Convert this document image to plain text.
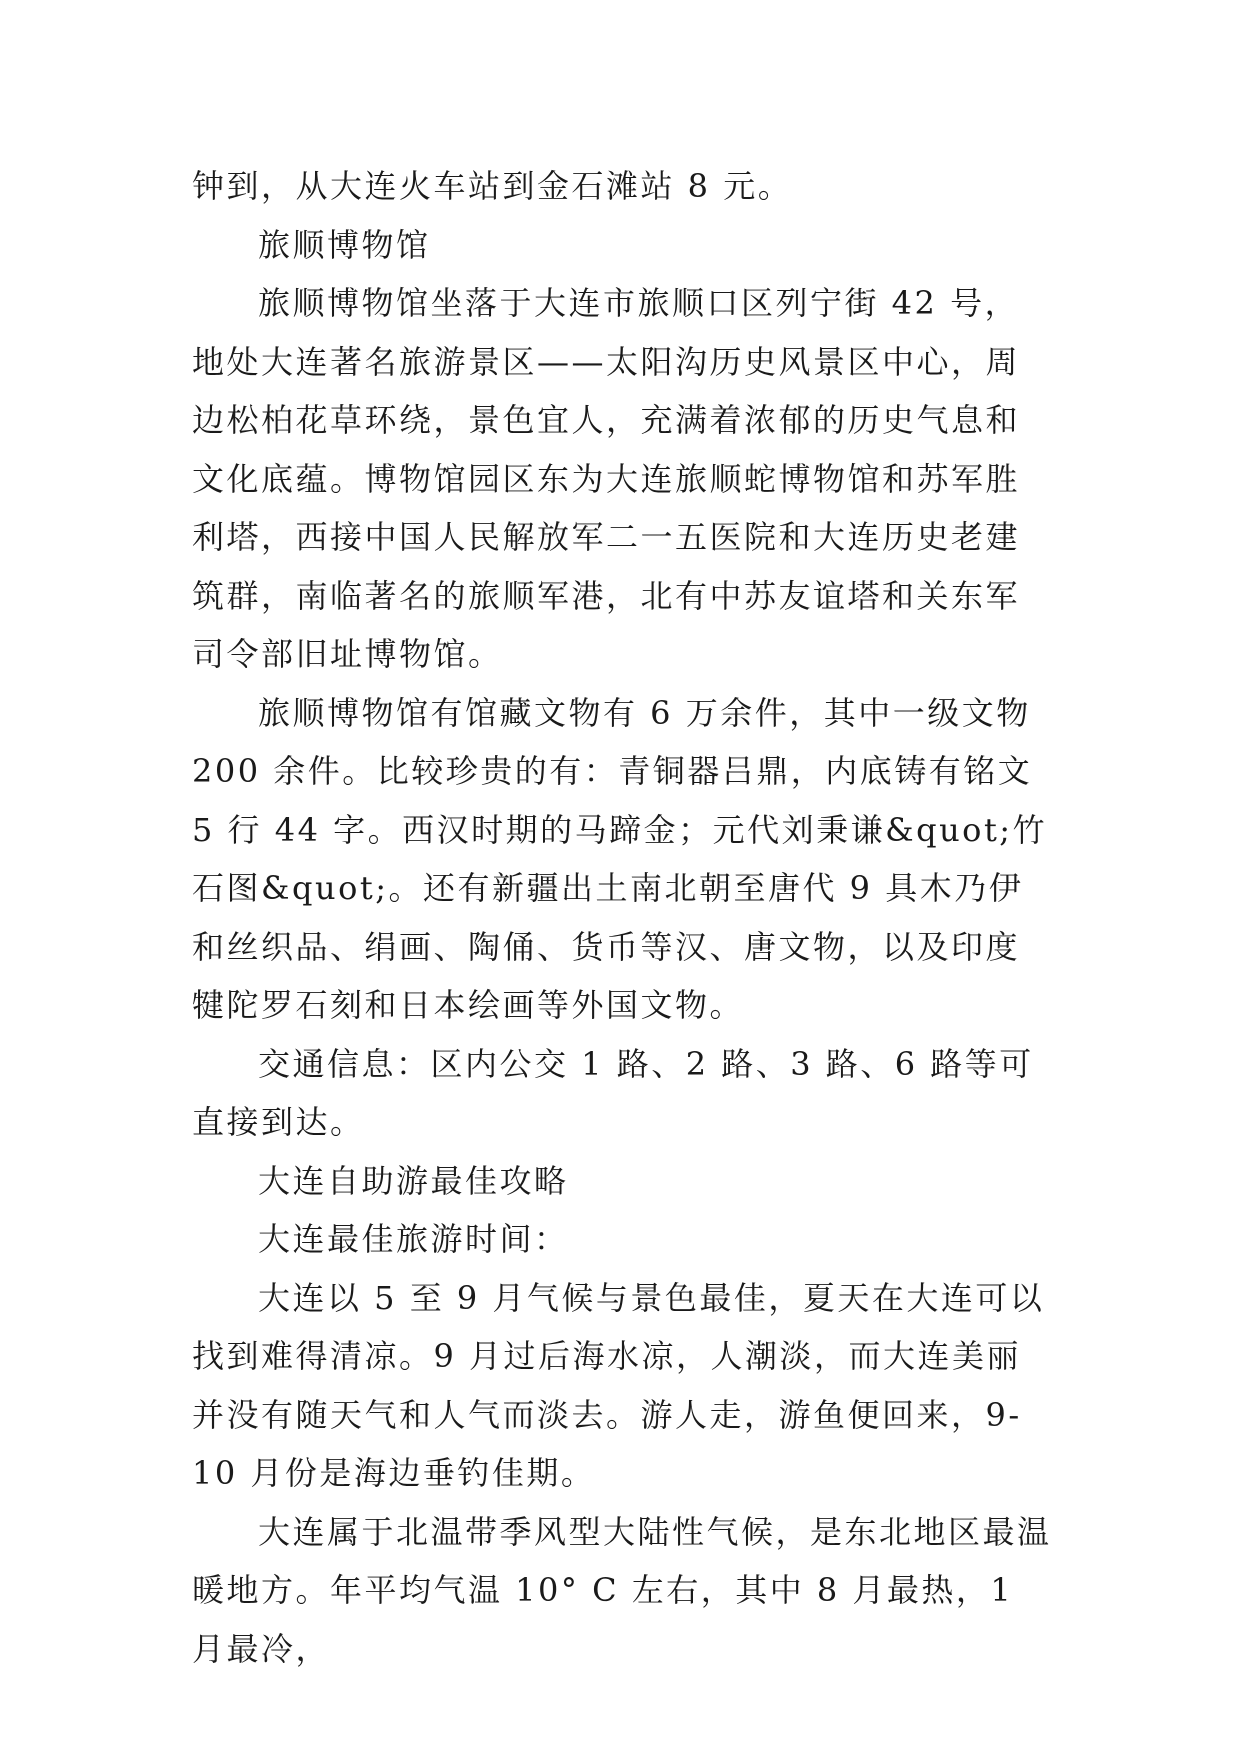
钟到，从大连火车站到金石滩站 8 元。

旅顺博物馆

旅顺博物馆坐落于大连市旅顺口区列宁街 42 号，地处大连著名旅游景区——太阳沟历史风景区中心，周边松柏花草环绕，景色宜人，充满着浓郁的历史气息和文化底蕴。博物馆园区东为大连旅顺蛇博物馆和苏军胜利塔，西接中国人民解放军二一五医院和大连历史老建筑群，南临著名的旅顺军港，北有中苏友谊塔和关东军司令部旧址博物馆。

旅顺博物馆有馆藏文物有 6 万余件，其中一级文物 200 余件。比较珍贵的有：青铜器吕鼎，内底铸有铭文 5 行 44 字。西汉时期的马蹄金；元代刘秉谦&quot;竹石图&quot;。还有新疆出土南北朝至唐代 9 具木乃伊和丝织品、绢画、陶俑、货币等汉、唐文物，以及印度犍陀罗石刻和日本绘画等外国文物。

交通信息：区内公交 1 路、2 路、3 路、6 路等可直接到达。

大连自助游最佳攻略

大连最佳旅游时间：

大连以 5 至 9 月气候与景色最佳，夏天在大连可以找到难得清凉。9 月过后海水凉，人潮淡，而大连美丽并没有随天气和人气而淡去。游人走，游鱼便回来，9-10 月份是海边垂钓佳期。

大连属于北温带季风型大陆性气候，是东北地区最温暖地方。年平均气温 10° C 左右，其中 8 月最热，1 月最冷，
